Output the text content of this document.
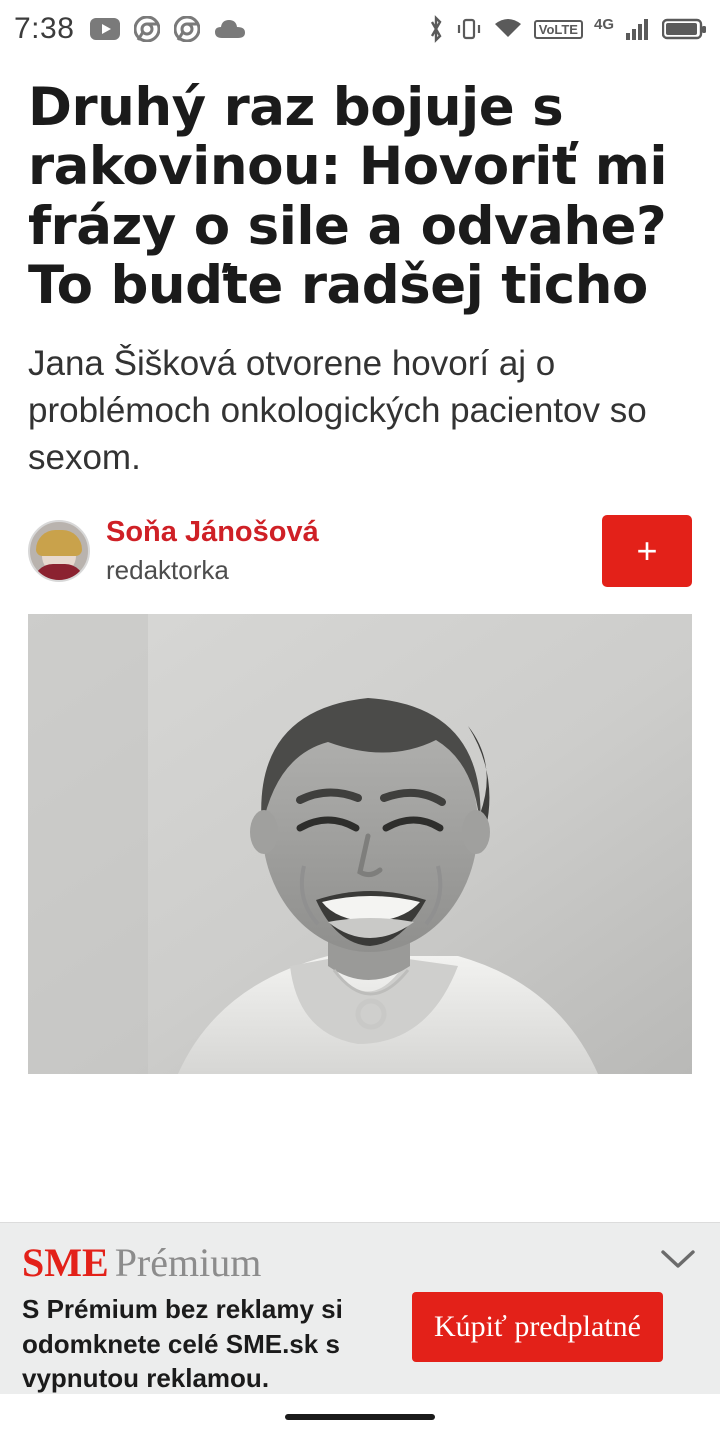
7:38	VoLTE	4G
Druhý raz bojuje s rakovinou: Hovoriť mi frázy o sile a odvahe? To buďte radšej ticho

Jana Šišková otvorene hovorí aj o problémoch onkologických pacientov so sexom.

Soňa Jánošová
redaktorka	+
SME Prémium
S Prémium bez reklamy si odomknete celé SME.sk s vypnutou reklamou.
Kúpiť predplatné
